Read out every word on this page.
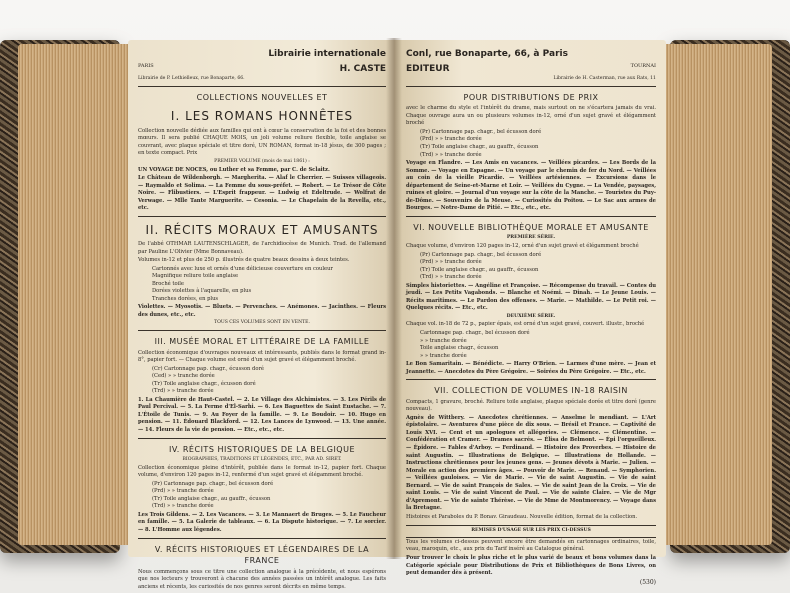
Librairie internationale
PARIS	H. CASTE
Librairie de P. Lethielleux, rue Bonaparte, 66.
COLLECTIONS NOUVELLES ET
I. LES ROMANS HONNÊTES
Collection nouvelle dédiée aux familles qui ont à cœur la conservation de la foi et des bonnes mœurs. Il sera publié CHAQUE MOIS, un joli volume reliure flexible, toile anglaise se couvrant, avec plaque spéciale et titre doré, UN ROMAN, format in-18 jésus, de 300 pages ; en texte compact. Prix
PREMIER VOLUME (mois de mai 1861) :
UN VOYAGE DE NOCES, ou Luther et sa Femme, par C. de Sclaitz.
Le Château de Wildenborgh. — Margherita. — Alaf le Cherrier. — Suisses villageois. — Raymaldo et Solima. — La Femme du sous-préfet. — Robert. — Le Trésor de Côte Noire. — Flibustiers. — L'Esprit frappeur. — Ludwig et Edeltrude. — Wolfrat de Verwage. — Mlle Tante Marguerite. — Cesonia. — Le Chapelain de la Revella, etc., etc.
II. RÉCITS MORAUX ET AMUSANTS
De l'abbé OTHMAR LAUTENSCHLAGER, de l'archidiocèse de Munich. Trad. de l'allemand par Pauline L'Olivier (Mme Bonnaveau).
Volumes in-12 et plus de 250 p. illustrés de quatre beaux dessins à deux teintes.
Cartonnés avec luxe et ornés d'une délicieuse couverture en couleur
Magnifique reliure toile anglaise
Broché toile
Dorées violettes à l'aquarelle, en plus
Tranches dorées, en plus
Violettes. — Myosotis. — Bluets. — Pervenches. — Anémones. — Jacinthes. — Fleurs des dunes, etc., etc.
TOUS CES VOLUMES SONT EN VENTE.
III. MUSÉE MORAL ET LITTÉRAIRE DE LA FAMILLE
Collection économique d'ouvrages nouveaux et intéressants, publiés dans le format grand in-8°, papier fort. — Chaque volume est orné d'un sujet gravé et élégamment broché.
(Cr) Cartonnage pap. chagr., écusson doré
(Ced) » » tranche dorée
(Tr) Toile anglaise chagr., écusson doré
(Trd) » » tranche dorée
1. La Chaumière de Haut-Castel. — 2. Le Village des Alchimistes. — 3. Les Périls de Paul Percival. — 5. La Ferme d'El-Sarhi. — 6. Les Baguettes de Saint Eustache. — 7. L'Étoile de Tunis. — 9. Au Foyer de la famille. — 9. Le Boudoir. — 10. Hugo en pension. — 11. Édouard Blackford. — 12. Les Lances de Lynwood. — 13. Une année. — 14. Fleurs de la vie de pension. — Etc., etc., etc.
IV. RÉCITS HISTORIQUES DE LA BELGIQUE
BIOGRAPHIES, TRADITIONS ET LÉGENDES, ETC., PAR AD. SIRET.
Collection économique pleine d'intérêt, publiée dans le format in-12, papier fort. Chaque volume, d'environ 120 pages in-12, renfermé d'un sujet gravé et élégamment broché.
(Pr) Cartonnage pap. chagr., bel écusson doré
(Prd) » » tranche dorée
(Tr) Toile anglaise chagr., au gauffr., écusson
(Trd) » » tranche dorée
Les Trois Gildens. — 2. Les Vacances. — 3. Le Mannaert de Bruges. — 5. Le Faucheur en famille. — 5. La Galerie de tableaux. — 6. La Dispute historique. — 7. Le sorcier. — 8. L'Homme aux légendes.
V. RÉCITS HISTORIQUES ET LÉGENDAIRES DE LA FRANCE
Nous commençons sous ce titre une collection analogue à la précédente, et nous espérons que nos lecteurs y trouveront à chacune des années passées un intérêt analogue. Les faits anciens et récents, les curiosités de nos genres seront décrits en même temps.
Conl, rue Bonaparte, 66, à Paris
EDITEUR	TOURNAI
Librairie de H. Casterman, rue aux Rats, 11
POUR DISTRIBUTIONS DE PRIX
avec le charme du style et l'intérêt du drame, mais surtout on ne s'écartera jamais du vrai. Chaque ouvrage aura un ou plusieurs volumes in-12, orné d'un sujet gravé et élégamment broché
(Pr) Cartonnage pap. chagr., bel écusson doré
(Prd) » » tranche dorée
(Tr) Toile anglaise chagr., au gauffr., écusson
(Trd) » » tranche dorée
Voyage en Flandre. — Les Amis en vacances. — Veillées picardes. — Les Bords de la Somme. — Voyage en Espagne. — Un voyage par le chemin de fer du Nord. — Veillées au coin de la vieille Picardie. — Veillées artésiennes. — Excursions dans le département de Seine-et-Marne et Loir. — Veillées du Cygne. — La Vendée, paysages, ruines et gloire. — Journal d'un voyage sur la côte de la Manche. — Touristes du Puy-de-Dôme. — Souvenirs de la Meuse. — Curiosités du Poitou. — Le Sac aux armes de Bourges. — Notre-Dame de Pitié. — Etc., etc., etc.
VI. NOUVELLE BIBLIOTHÈQUE MORALE ET AMUSANTE
PREMIÈRE SÉRIE.
Chaque volume, d'environ 120 pages in-12, orné d'un sujet gravé et élégamment broché
(Pr) Cartonnage pap. chagr., bel écusson doré
(Prd) » » tranche dorée
(Tr) Toile anglaise chagr., au gauffr., écusson
(Trd) » » tranche dorée
Simples historiettes. — Angéline et Françoise. — Récompense du travail. — Contes du jeudi. — Les Petits Vagabonds. — Blanche et Noémi. — Dinah. — Le Jeune Louis. — Récits maritimes. — Le Pardon des offenses. — Marie. — Mathilde. — Le Petit roi. — Quelques récits. — Etc., etc.
DEUXIÈME SÉRIE.
Chaque vol. in-18 de 72 p., papier épais, est orné d'un sujet gravé, couvert. illustr., broché
Cartonnage pap. chagr., bel écusson doré
» » tranche dorée
Toile anglaise chagr., écusson
» » tranche dorée
Le Bon Samaritain. — Bénédicte. — Harry O'Brien. — Larmes d'une mère. — Jean et Jeannette. — Anecdotes du Père Grégoire. — Soirées du Père Grégoire. — Etc., etc.
VII. COLLECTION DE VOLUMES IN-18 RAISIN
Compacts, 1 gravure, broché. Reliure toile anglaise, plaque spéciale dorée et titre doré (genre nouveau).
Agnès de Wittbery. — Anecdotes chrétiennes. — Anselme le mendiant. — L'Art épistolaire. — Aventures d'une pièce de dix sous. — Brésil et France. — Captivité de Louis XVI. — Cent et un apologues et allégories. — Clémence. — Clémentine. — Confédération et Cramer. — Drames sacrés. — Élisa de Belmont. — Épi l'orgueilleux. — Épidore. — Fables d'Arboy. — Ferdinand. — Histoire des Proverbes. — Histoire de saint Augustin. — Illustrations de Belgique. — Illustrations de Hollande. — Instructions chrétiennes pour les jeunes gens. — Jeunes dévots à Marie. — Julien. — Morale en action des premiers âges. — Pouvoir de Marie. — Renaud. — Symphorien. — Veillées gauloises. — Vie de Marie. — Vie de saint Augustin. — Vie de saint Bernard. — Vie de saint François de Sales. — Vie de saint Jean de la Croix. — Vie de saint Louis. — Vie de saint Vincent de Paul. — Vie de sainte Claire. — Vie de Mgr d'Apremont. — Vie de sainte Thérèse. — Vie de Mme de Montmorency. — Voyage dans la Bretagne.
Histoires et Paraboles du P. Bonav. Giraudeau. Nouvelle édition, format de la collection.
REMISES D'USAGE SUR LES PRIX CI-DESSUS
Tous les volumes ci-dessus peuvent encore être demandés en cartonnages ordinaires, toile, veau, maroquin, etc., aux prix du Tarif inséré au Catalogue général.
Pour trouver le choix le plus riche et le plus varié de beaux et bons volumes dans la Catégorie spéciale pour Distributions de Prix et Bibliothèques de Bons Livres, on peut demander dès à présent.
(530)
